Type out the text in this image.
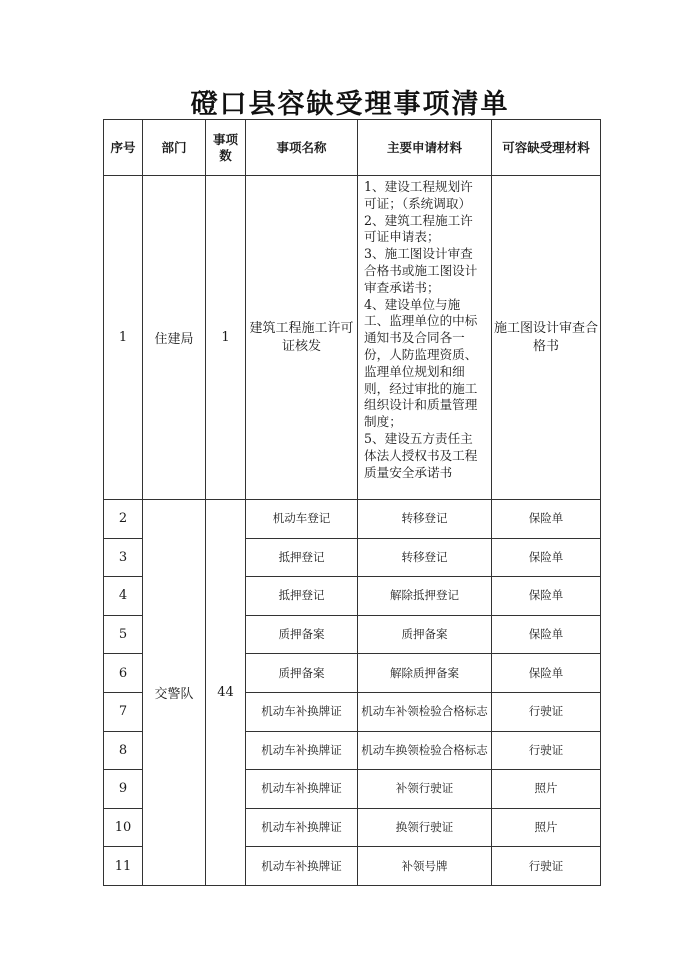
磴口县容缺受理事项清单
序号	部门	事项数	事项名称	主要申请材料	可容缺受理材料
1	住建局	1	建筑工程施工许可证核发	1、建设工程规划许可证；（系统调取）
2、建筑工程施工许可证申请表；
3、施工图设计审查合格书或施工图设计审查承诺书；
4、建设单位与施工、监理单位的中标通知书及合同各一份，人防监理资质、监理单位规划和细则，经过审批的施工组织设计和质量管理制度；
5、建设五方责任主体法人授权书及工程质量安全承诺书	施工图设计审查合格书
2	交警队	44	机动车登记	转移登记	保险单
3			抵押登记	转移登记	保险单
4			抵押登记	解除抵押登记	保险单
5			质押备案	质押备案	保险单
6			质押备案	解除质押备案	保险单
7			机动车补换牌证	机动车补领检验合格标志	行驶证
8			机动车补换牌证	机动车换领检验合格标志	行驶证
9			机动车补换牌证	补领行驶证	照片
10			机动车补换牌证	换领行驶证	照片
11			机动车补换牌证	补领号牌	行驶证
